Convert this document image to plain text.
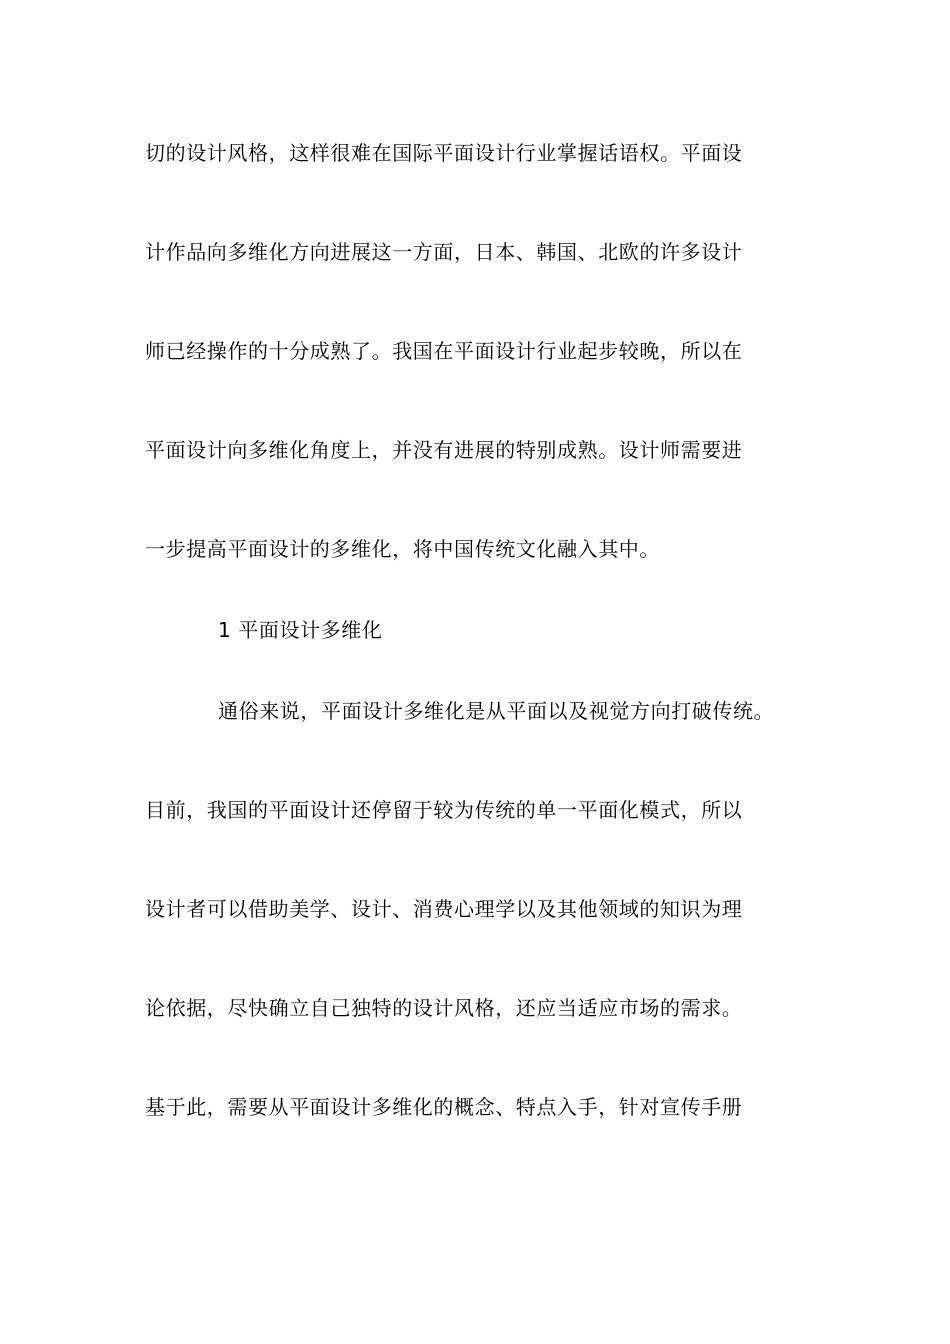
切的设计风格，这样很难在国际平面设计行业掌握话语权。平面设
计作品向多维化方向进展这一方面，日本、韩国、北欧的许多设计
师已经操作的十分成熟了。我国在平面设计行业起步较晚，所以在
平面设计向多维化角度上，并没有进展的特别成熟。设计师需要进
一步提高平面设计的多维化，将中国传统文化融入其中。
1 平面设计多维化
通俗来说，平面设计多维化是从平面以及视觉方向打破传统。
目前，我国的平面设计还停留于较为传统的单一平面化模式，所以
设计者可以借助美学、设计、消费心理学以及其他领域的知识为理
论依据，尽快确立自己独特的设计风格，还应当适应市场的需求。
基于此，需要从平面设计多维化的概念、特点入手，针对宣传手册
